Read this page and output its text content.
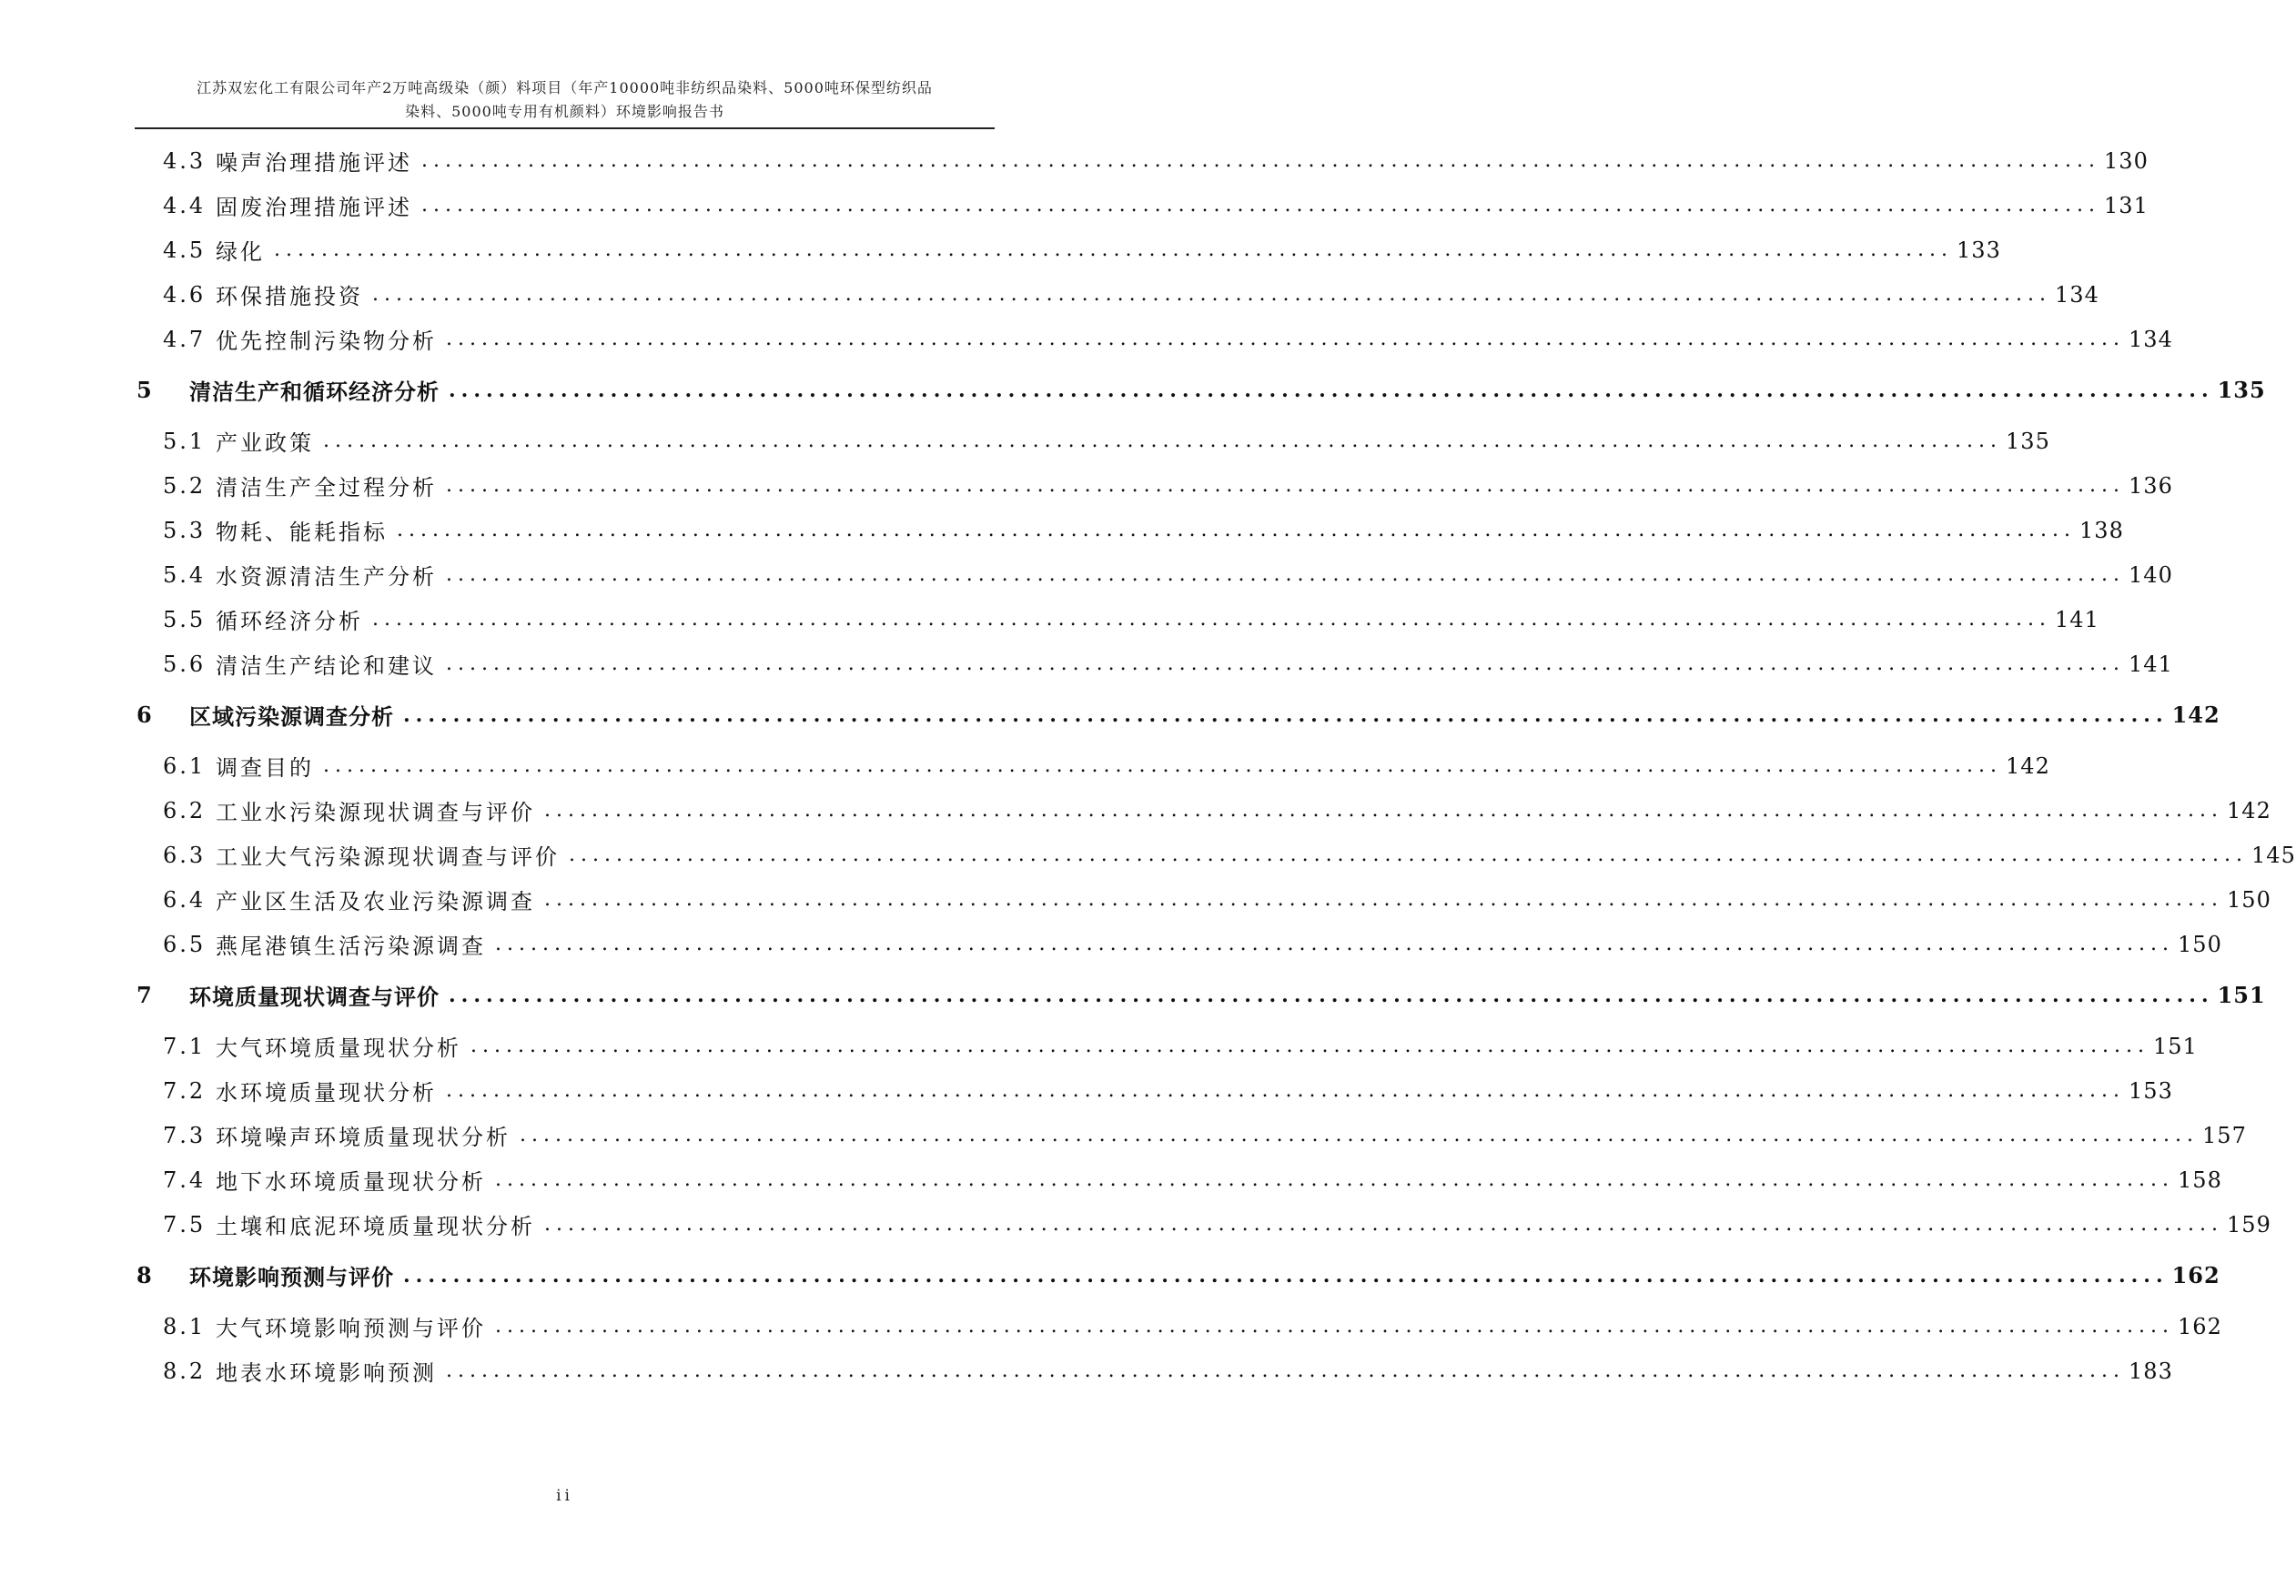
江苏双宏化工有限公司年产2万吨高级染（颜）料项目（年产10000吨非纺织品染料、5000吨环保型纺织品
染料、5000吨专用有机颜料）环境影响报告书
4.3 噪声治理措施评述 .............................................................................................................................................. 130
4.4 固废治理措施评述 .............................................................................................................................................. 131
4.5 绿化 .............................................................................................................................................. 133
4.6 环保措施投资 .............................................................................................................................................. 134
4.7 优先控制污染物分析 .............................................................................................................................................. 134
5	清洁生产和循环经济分析 .............................................................................................................................................. 135
5.1 产业政策 .............................................................................................................................................. 135
5.2 清洁生产全过程分析 .............................................................................................................................................. 136
5.3 物耗、能耗指标 .............................................................................................................................................. 138
5.4 水资源清洁生产分析 .............................................................................................................................................. 140
5.5 循环经济分析 .............................................................................................................................................. 141
5.6 清洁生产结论和建议 .............................................................................................................................................. 141
6	区域污染源调查分析 .............................................................................................................................................. 142
6.1 调查目的 .............................................................................................................................................. 142
6.2 工业水污染源现状调查与评价 .............................................................................................................................................. 142
6.3 工业大气污染源现状调查与评价 .............................................................................................................................................. 145
6.4 产业区生活及农业污染源调查 .............................................................................................................................................. 150
6.5 燕尾港镇生活污染源调查 .............................................................................................................................................. 150
7	环境质量现状调查与评价 .............................................................................................................................................. 151
7.1 大气环境质量现状分析 .............................................................................................................................................. 151
7.2 水环境质量现状分析 .............................................................................................................................................. 153
7.3 环境噪声环境质量现状分析 .............................................................................................................................................. 157
7.4 地下水环境质量现状分析 .............................................................................................................................................. 158
7.5 土壤和底泥环境质量现状分析 .............................................................................................................................................. 159
8	环境影响预测与评价 .............................................................................................................................................. 162
8.1 大气环境影响预测与评价 .............................................................................................................................................. 162
8.2 地表水环境影响预测 .............................................................................................................................................. 183
ii
